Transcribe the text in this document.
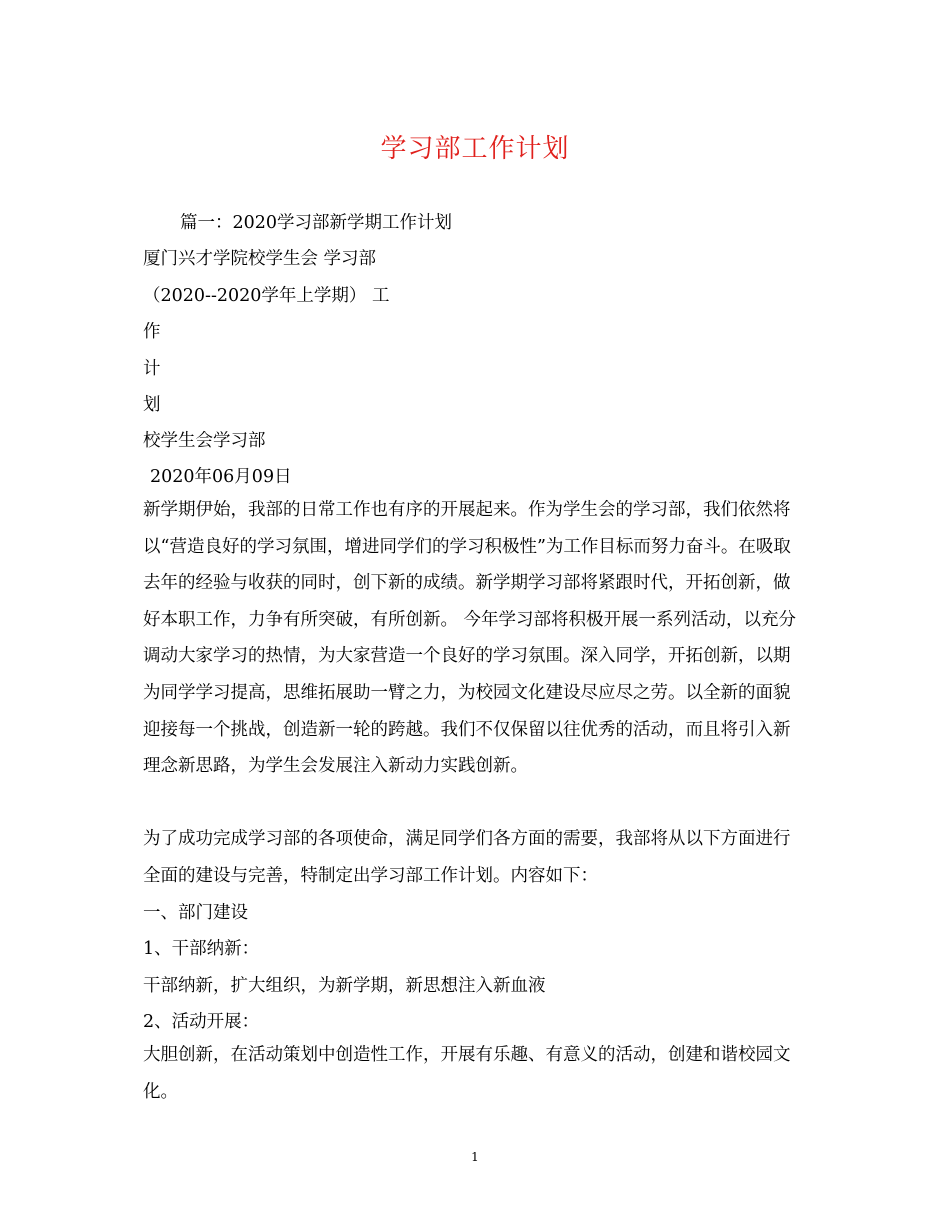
学习部工作计划
篇一：2020学习部新学期工作计划
厦门兴才学院校学生会 学习部
（2020--2020学年上学期） 工
作
计
划
校学生会学习部
2020年06月09日
新学期伊始，我部的日常工作也有序的开展起来。作为学生会的学习部，我们依然将以“营造良好的学习氛围，增进同学们的学习积极性”为工作目标而努力奋斗。在吸取去年的经验与收获的同时，创下新的成绩。新学期学习部将紧跟时代，开拓创新，做好本职工作，力争有所突破，有所创新。 今年学习部将积极开展一系列活动，以充分调动大家学习的热情，为大家营造一个良好的学习氛围。深入同学，开拓创新，以期为同学学习提高，思维拓展助一臂之力，为校园文化建设尽应尽之劳。以全新的面貌迎接每一个挑战，创造新一轮的跨越。我们不仅保留以往优秀的活动，而且将引入新理念新思路，为学生会发展注入新动力实践创新。
为了成功完成学习部的各项使命，满足同学们各方面的需要，我部将从以下方面进行全面的建设与完善，特制定出学习部工作计划。内容如下：
一、部门建设
1、干部纳新：
干部纳新，扩大组织，为新学期，新思想注入新血液
2、活动开展：
大胆创新，在活动策划中创造性工作，开展有乐趣、有意义的活动，创建和谐校园文化。
1
